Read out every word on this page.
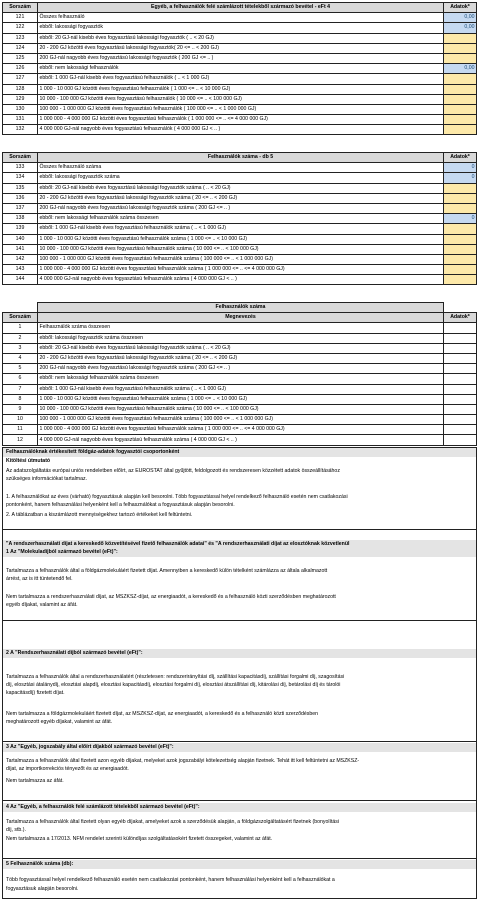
Sorszám	Egyéb, a felhasználók felé számlázott tételekből származó bevétel - eFt 4	Adatok*
121	Összes felhasználó	0,00
122	ebből: lakossági fogyasztók	0,00
123	ebből: 20 GJ-nál kisebb éves fogyasztású lakossági fogyasztók ( .. < 20 GJ)	
124	20 - 200 GJ közötti éves fogyasztású lakossági fogyasztók( 20 <= .. < 200 GJ)	
125	200 GJ-nál nagyobb éves fogyasztású lakossági fogyasztók ( 200 GJ <= .. )	
126	ebből: nem lakossági felhasználók	0,00
127	ebből: 1 000 GJ-nál kisebb éves fogyasztású felhasználók ( .. < 1 000 GJ)	
128	1 000 - 10 000 GJ közötti éves fogyasztású felhasználók ( 1 000 <= .. < 10 000 GJ)	
129	10 000 - 100 000 GJ közötti éves fogyasztású felhasználók ( 10 000 <= .. < 100 000 GJ)	
130	100 000 - 1 000 000 GJ közötti éves fogyasztású felhasználók ( 100 000 <= .. < 1 000 000 GJ)	
131	1 000 000 - 4 000 000 GJ közötti éves fogyasztású felhasználók ( 1 000 000 <= .. <= 4 000 000 GJ)	
132	4 000 000 GJ-nál nagyobb éves fogyasztású felhasználók ( 4 000 000 GJ < .. )	
Sorszám	Felhasználók száma - db 5	Adatok*
133	Összes felhasználó száma	0
134	ebből: lakossági fogyasztók száma	0
135	ebből: 20 GJ-nál kisebb éves fogyasztású lakossági fogyasztók száma ( .. < 20 GJ)	
136	20 - 200 GJ közötti éves fogyasztású lakossági fogyasztók száma ( 20 <= .. < 200 GJ)	
137	200 GJ-nál nagyobb éves fogyasztású lakossági fogyasztók száma ( 200 GJ <= .. )	
138	ebből: nem lakossági felhasználók száma összesen	0
139	ebből: 1 000 GJ-nál kisebb éves fogyasztású felhasználók száma ( .. < 1 000 GJ)	
140	1 000 - 10 000 GJ közötti éves fogyasztású felhasználók száma ( 1 000 <= .. < 10 000 GJ)	
141	10 000 - 100 000 GJ közötti éves fogyasztású felhasználók száma ( 10 000 <= .. < 100 000 GJ)	
142	100 000 - 1 000 000 GJ közötti éves fogyasztású felhasználók száma ( 100 000 <= .. < 1 000 000 GJ)	
143	1 000 000 - 4 000 000 GJ közötti éves fogyasztású felhasználók száma ( 1 000 000 <= .. <= 4 000 000 GJ)	
144	4 000 000 GJ-nál nagyobb éves fogyasztású felhasználók száma ( 4 000 000 GJ < .. )	
	Felhasználók száma	
Sorszám	Megnevezés	Adatok*
1	Felhasználók száma összesen	
2	ebből: lakossági fogyasztók száma összesen	
3	ebből: 20 GJ-nál kisebb éves fogyasztású lakossági fogyasztók száma ( .. < 20 GJ)	
4	20 - 200 GJ közötti éves fogyasztású lakossági fogyasztók száma ( 20 <= .. < 200 GJ)	
5	200 GJ-nál nagyobb éves fogyasztású lakossági fogyasztók száma ( 200 GJ <= .. )	
6	ebből: nem lakossági felhasználók száma összesen	
7	ebből: 1 000 GJ-nál kisebb éves fogyasztású felhasználók száma ( .. < 1 000 GJ)	
8	1 000 - 10 000 GJ közötti éves fogyasztású felhasználók száma ( 1 000 <= .. < 10 000 GJ)	
9	10 000 - 100 000 GJ közötti éves fogyasztású felhasználók száma ( 10 000 <= .. < 100 000 GJ)	
10	100 000 - 1 000 000 GJ közötti éves fogyasztású felhasználók száma ( 100 000 <= .. < 1 000 000 GJ)	
11	1 000 000 - 4 000 000 GJ közötti éves fogyasztású felhasználók száma ( 1 000 000 <= .. <= 4 000 000 GJ)	
12	4 000 000 GJ-nál nagyobb éves fogyasztású felhasználók száma ( 4 000 000 GJ < .. )	
Felhasználóknak értékesített földgáz-adatok fogyasztói csoportonként
Kitöltési útmutató
Az adatszolgáltatás európai uniós rendeletben előírt, az EUROSTAT által gyűjtött, feldolgozott és rendszeresen közzétett adatok összeállításához
szükséges információkat tartalmaz.
1. A felhasználókat az éves (várható) fogyasztásuk alapján kell besorolni. Több fogyasztással helyel rendelkező felhasználó esetén nem csatlakozási
pontonként, hanem felhasználási helyenként kell a felhasználókat a fogyasztásuk alapján besorolni.
2. A táblázatban a kiszámlázott mennyiségekhez tartozó értékeket kell feltüntetni.
"A rendszerhasználati díjat a kereskedő közvetítésével fizető felhasználók adatai" és "A rendszerhasználati díjat az elosztóknak közvetlenül
1 Az "Molekuladíjból származó bevétel (eFt)":
Tartalmazza a felhasználók által a földgázmolekuláért fizetett díjat. Amennyiben a kereskedő külön tételként számlázza az általa alkalmazott
árrést, az is itt tüntetendő fel.
Nem tartalmazza a rendszerhasználati díjat, az MSZKSZ-díjat, az energiaadót, a kereskedő és a felhasználó közti szerződésben meghatározott
egyéb díjakat, valamint az áfát.
2 A "Rendszerhasználati díjból származó bevétel (eFt)":
Tartalmazza a felhasználók által a rendszerhasználatért (részletesen: rendszerirányítási díj, szállítási kapacitásdíj, szállítási forgalmi díj, szagosítási
díj, elosztási átalánydíj, elosztási alapdíj, elosztási kapacitásdíj, elosztási forgalmi díj, elosztási átszállítási díj, kitárolási díj, betárolási díj és tárolói
kapacitásdíj) fizetett díjat.
Nem tartalmazza a földgázmolekuláért fizetett díjat, az MSZKSZ-díjat, az energiaadót, a kereskedő és a felhasználó közti szerződésben
meghatározott egyéb díjakat, valamint az áfát.
3 Az "Egyéb, jogszabály által előírt díjakból származó bevétel (eFt)":
Tartalmazza a felhasználók által fizetett azon egyéb díjakat, melyeket azok jogszabályi kötelezettség alapján fizetnek. Tehát itt kell feltüntetni az MSZKSZ-
díjat, az importkorrekciós tényezőt és az energiaadót.
Nem tartalmazza az áfát.
4 Az "Egyéb, a felhasználók felé számlázott tételekből származó bevétel (eFt)":
Tartalmazza a felhasználók által fizetett olyan egyéb díjakat, amelyeket azok a szerződésük alapján, a földgázszolgáltatásért fizetnek (bonyolítási
díj, stb.).
Nem tartalmazza a 17/2013. NFM rendelet szerinti különdíjas szolgáltatásokért fizetett összegeket, valamint az áfát.
5 Felhasználók száma (db):
Több fogyasztással helyel rendelkező felhasználó esetén nem csatlakozási pontonként, hanem felhasználási helyenként kell a felhasználókat a
fogyasztásuk alapján besorolni.
